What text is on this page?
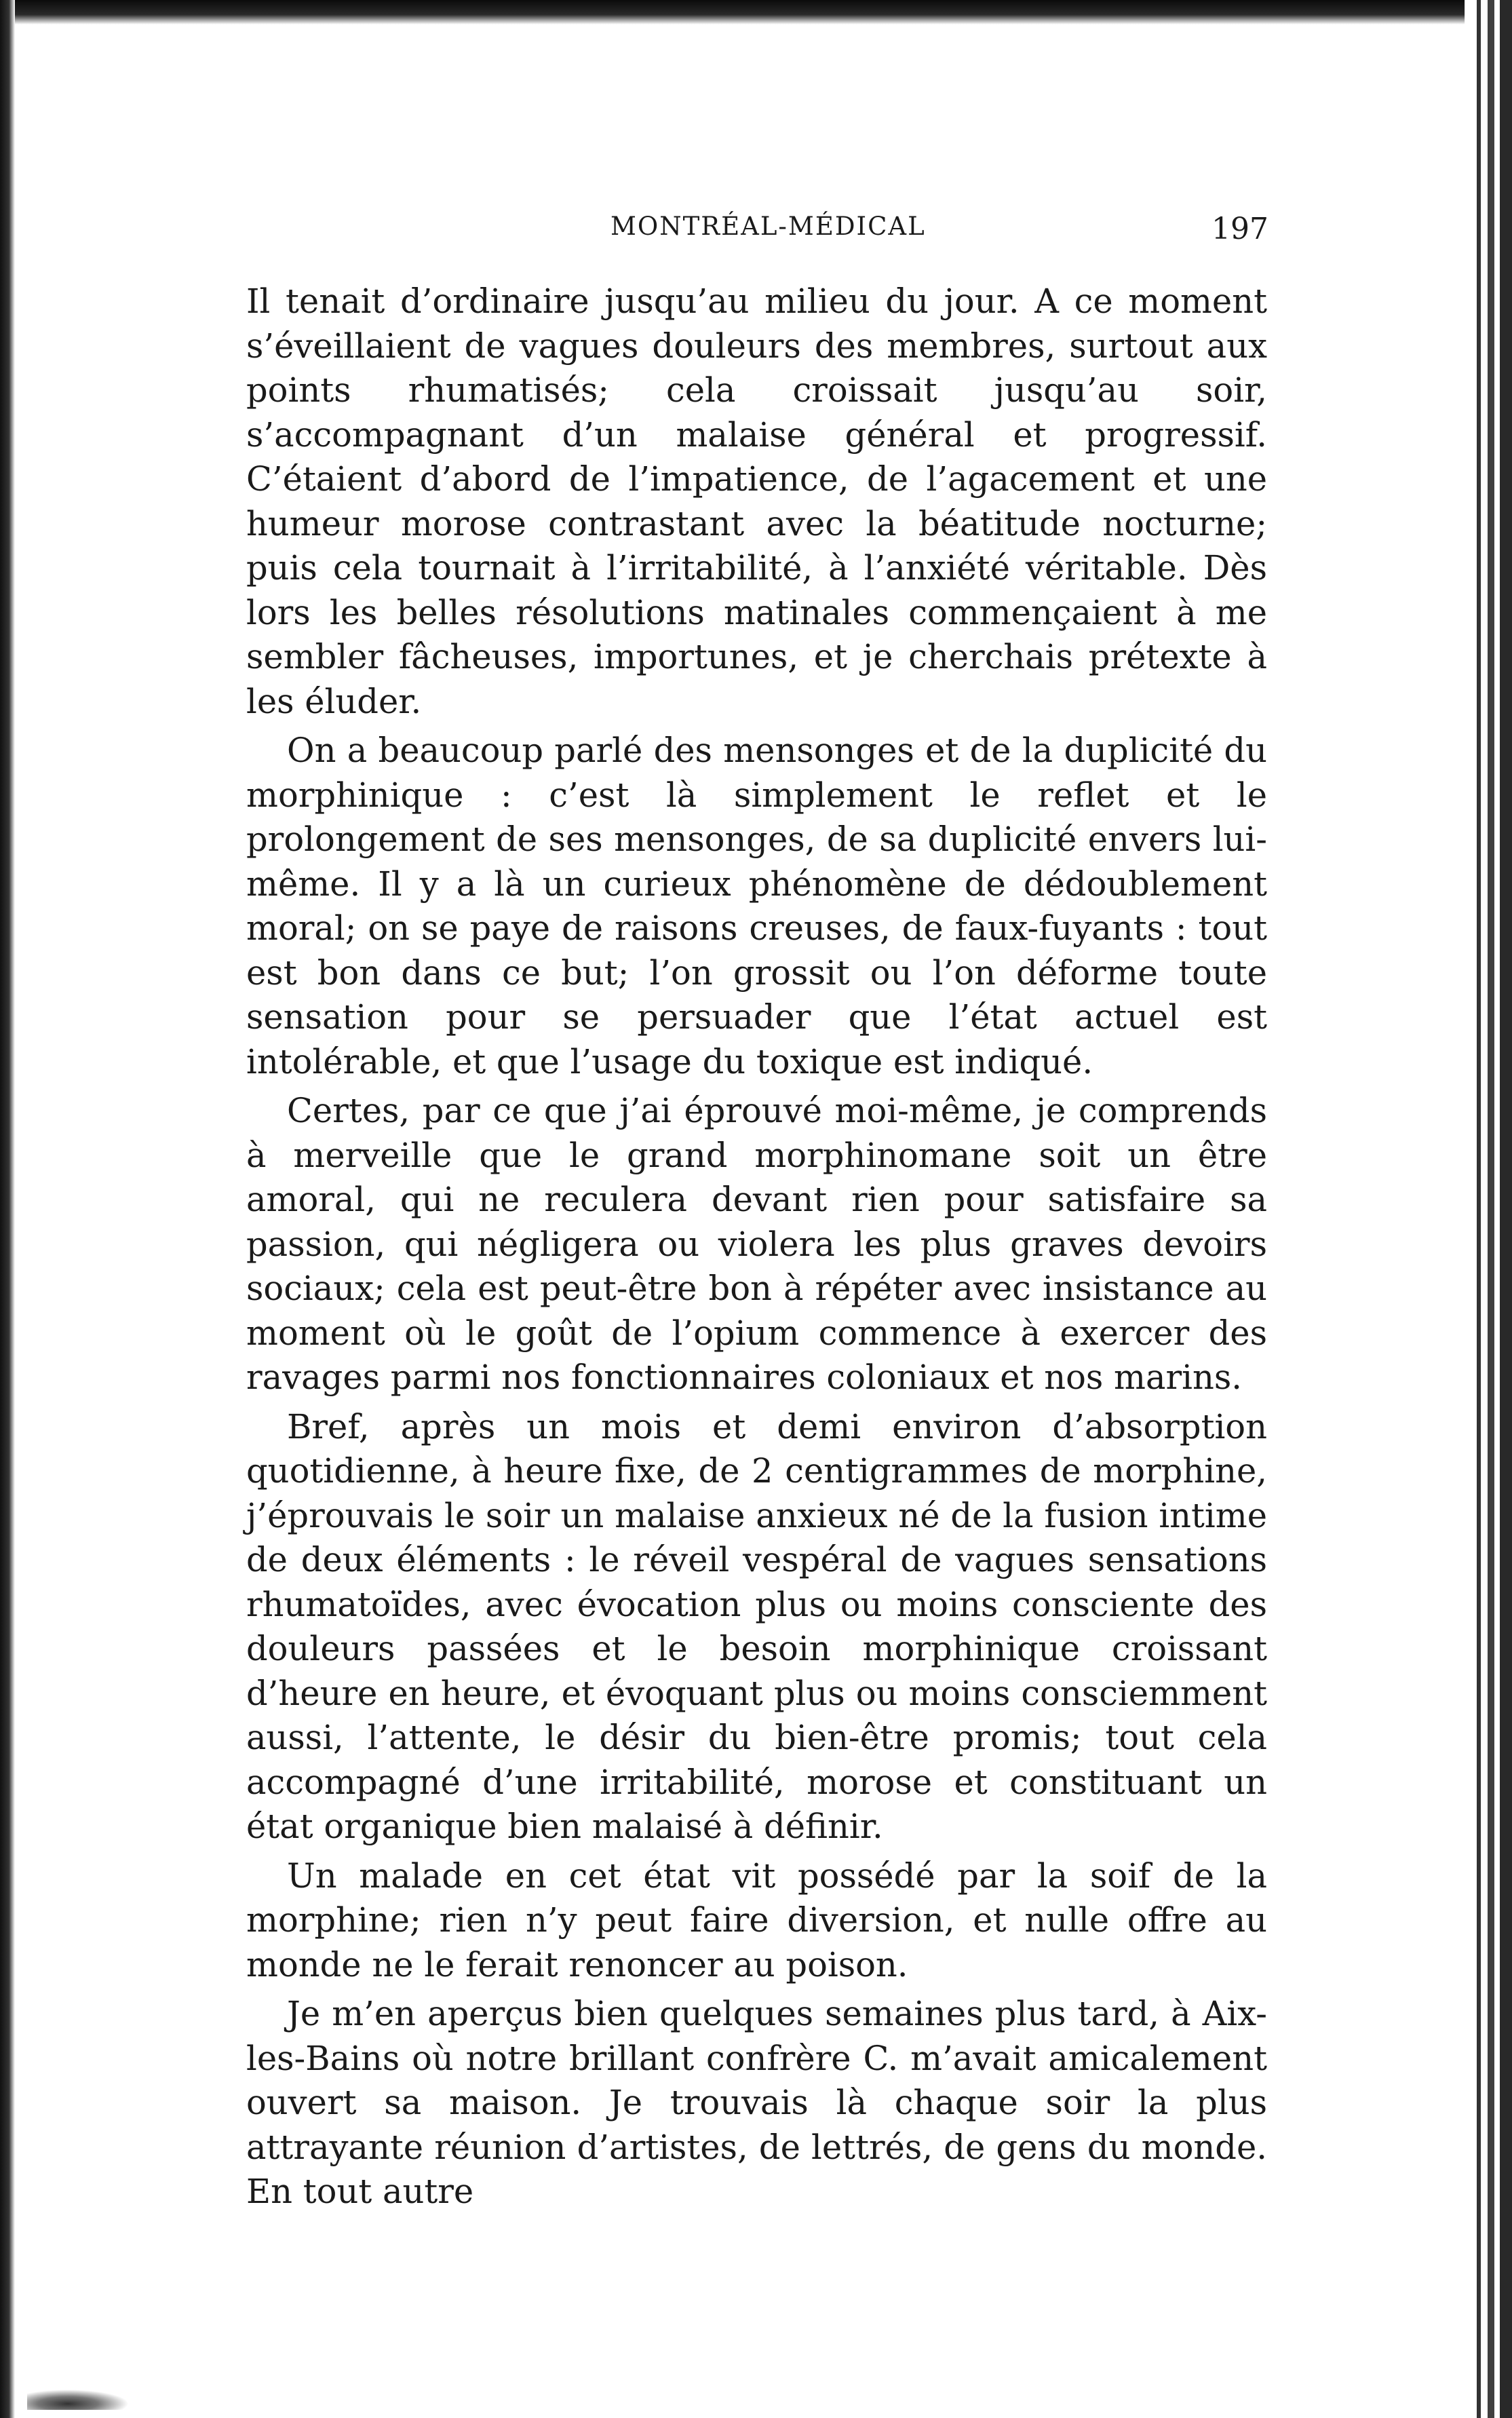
MONTRÉAL-MÉDICAL	197

Il tenait d’ordinaire jusqu’au milieu du jour. A ce moment s’éveillaient de vagues douleurs des membres, surtout aux points rhumatisés; cela croissait jusqu’au soir, s’accompagnant d’un malaise général et progressif. C’étaient d’abord de l’impatience, de l’agacement et une humeur morose contrastant avec la béatitude nocturne; puis cela tournait à l’irritabilité, à l’anxiété véritable. Dès lors les belles résolutions matinales commençaient à me sembler fâcheuses, importunes, et je cherchais prétexte à les éluder.

On a beaucoup parlé des mensonges et de la duplicité du morphinique : c’est là simplement le reflet et le prolongement de ses mensonges, de sa duplicité envers lui-même. Il y a là un curieux phénomène de dédoublement moral; on se paye de raisons creuses, de faux-fuyants : tout est bon dans ce but; l’on grossit ou l’on déforme toute sensation pour se persuader que l’état actuel est intolérable, et que l’usage du toxique est indiqué.

Certes, par ce que j’ai éprouvé moi-même, je comprends à merveille que le grand morphinomane soit un être amoral, qui ne reculera devant rien pour satisfaire sa passion, qui négligera ou violera les plus graves devoirs sociaux; cela est peut-être bon à répéter avec insistance au moment où le goût de l’opium commence à exercer des ravages parmi nos fonctionnaires coloniaux et nos marins.

Bref, après un mois et demi environ d’absorption quotidienne, à heure fixe, de 2 centigrammes de morphine, j’éprouvais le soir un malaise anxieux né de la fusion intime de deux éléments : le réveil vespéral de vagues sensations rhumatoïdes, avec évocation plus ou moins consciente des douleurs passées et le besoin morphinique croissant d’heure en heure, et évoquant plus ou moins consciemment aussi, l’attente, le désir du bien-être promis; tout cela accompagné d’une irritabilité, morose et constituant un état organique bien malaisé à définir.

Un malade en cet état vit possédé par la soif de la morphine; rien n’y peut faire diversion, et nulle offre au monde ne le ferait renoncer au poison.

Je m’en aperçus bien quelques semaines plus tard, à Aix-les-Bains où notre brillant confrère C. m’avait amicalement ouvert sa maison. Je trouvais là chaque soir la plus attrayante réunion d’artistes, de lettrés, de gens du monde. En tout autre
